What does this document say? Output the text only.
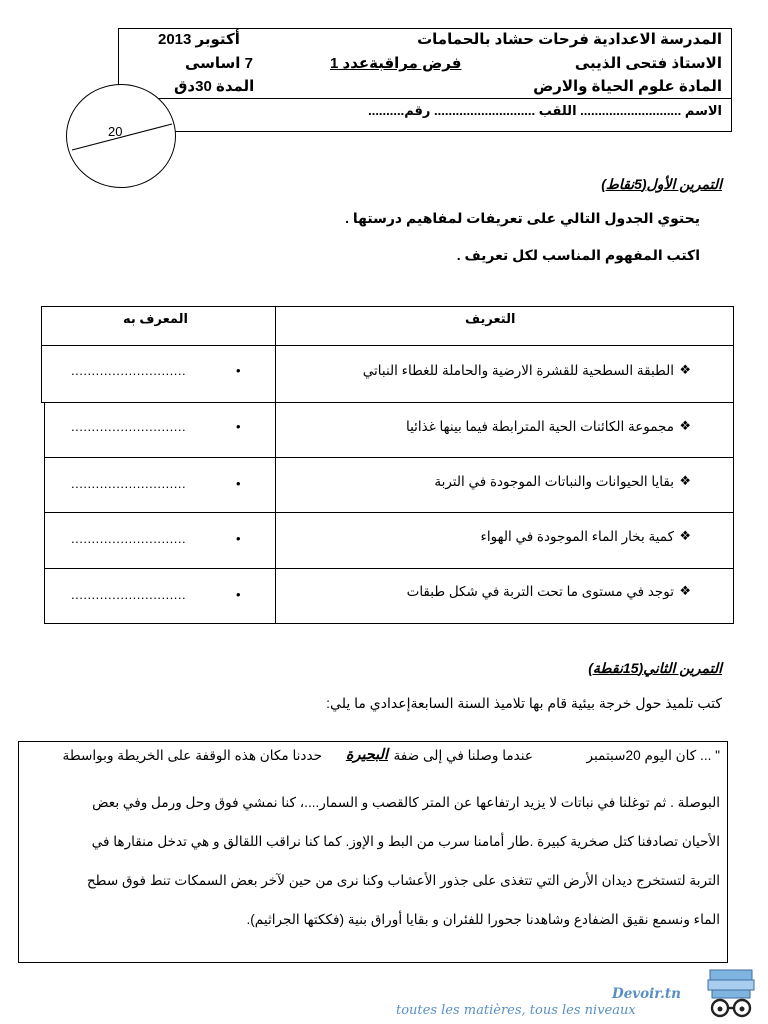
المدرسة الاعدادية فرحات حشاد بالحمامات
أكتوبر 2013
الاستاذ فتحى الذيبى
فرض مراقبةعدد 1
7 اساسى
المادة علوم الحياة والارض
المدة 30دق
الاسم ............................ اللقب ............................ رقم..........
20
التمرين الأول(5نقاط)
يحتوي الجدول التالي على تعريفات لمفاهيم درستها .
اكتب المفهوم المناسب لكل تعريف .
المعرف به	التعريف
الطبقة السطحية للقشرة الارضية والحاملة للغطاء النباتي ❖
•
............................
مجموعة الكائنات الحية المترابطة فيما بينها غذائيا ❖
•
............................
بقايا الحيوانات والنباتات الموجودة في التربة ❖
•
............................
كمية بخار الماء الموجودة في الهواء ❖
•
............................
توجد في مستوى ما تحت التربة في شكل طبقات ❖
•
............................
التمرين الثاني(15نقطة)
كتب تلميذ حول خرجة بيئية قام بها تلاميذ السنة السابعةإعدادي ما يلي:
" ... كان اليوم 20سبتمبر
عندما وصلنا في إلى ضفة
البحيرة
حددنا مكان هذه الوقفة على الخريطة وبواسطة
البوصلة . ثم توغلنا في نباتات لا يزيد ارتفاعها عن المتر كالقصب و السمار....، كنا نمشي فوق وحل ورمل وفي بعض
الأحيان تصادفنا كتل صخرية كبيرة .طار أمامنا سرب من البط و الإوز. كما كنا نراقب اللقالق و هي تدخل منقارها في
التربة لتستخرج ديدان الأرض التي تتغذى على جذور الأعشاب وكنا نرى من حين لآخر بعض السمكات تنط فوق سطح
الماء ونسمع نقيق الضفادع وشاهدنا جحورا للفئران و بقايا أوراق بنية (فككتها الجراثيم).
Devoir.tn
toutes les matières, tous les niveaux
